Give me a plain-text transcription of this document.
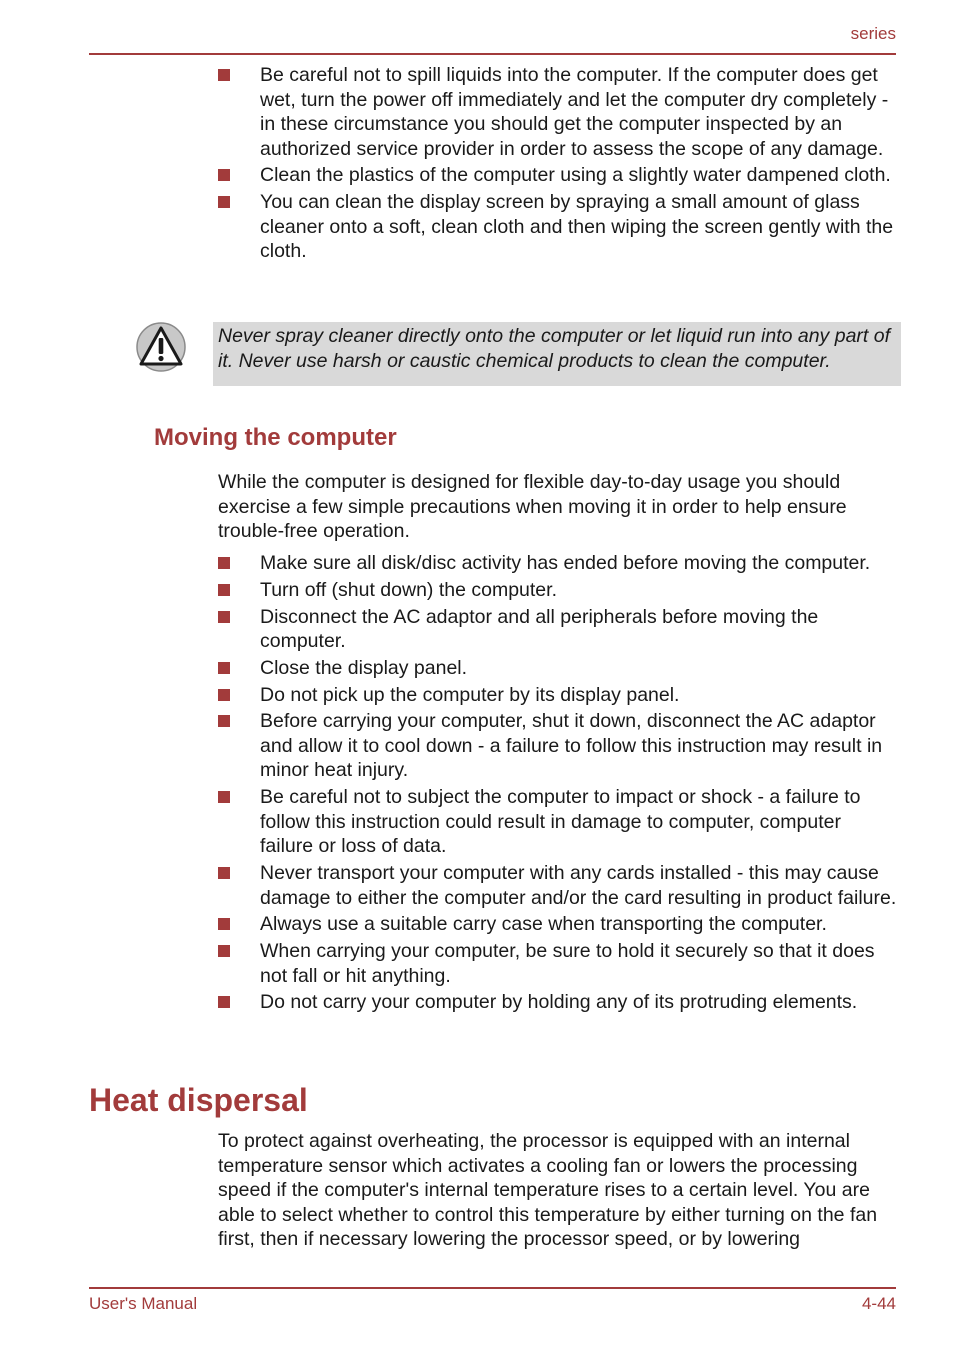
series
Be careful not to spill liquids into the computer. If the computer does get wet, turn the power off immediately and let the computer dry completely - in these circumstance you should get the computer inspected by an authorized service provider in order to assess the scope of any damage.
Clean the plastics of the computer using a slightly water dampened cloth.
You can clean the display screen by spraying a small amount of glass cleaner onto a soft, clean cloth and then wiping the screen gently with the cloth.
Never spray cleaner directly onto the computer or let liquid run into any part of it. Never use harsh or caustic chemical products to clean the computer.
Moving the computer
While the computer is designed for flexible day-to-day usage you should exercise a few simple precautions when moving it in order to help ensure trouble-free operation.
Make sure all disk/disc activity has ended before moving the computer.
Turn off (shut down) the computer.
Disconnect the AC adaptor and all peripherals before moving the computer.
Close the display panel.
Do not pick up the computer by its display panel.
Before carrying your computer, shut it down, disconnect the AC adaptor and allow it to cool down - a failure to follow this instruction may result in minor heat injury.
Be careful not to subject the computer to impact or shock - a failure to follow this instruction could result in damage to computer, computer failure or loss of data.
Never transport your computer with any cards installed - this may cause damage to either the computer and/or the card resulting in product failure.
Always use a suitable carry case when transporting the computer.
When carrying your computer, be sure to hold it securely so that it does not fall or hit anything.
Do not carry your computer by holding any of its protruding elements.
Heat dispersal
To protect against overheating, the processor is equipped with an internal temperature sensor which activates a cooling fan or lowers the processing speed if the computer's internal temperature rises to a certain level. You are able to select whether to control this temperature by either turning on the fan first, then if necessary lowering the processor speed, or by lowering
User's Manual	4-44
